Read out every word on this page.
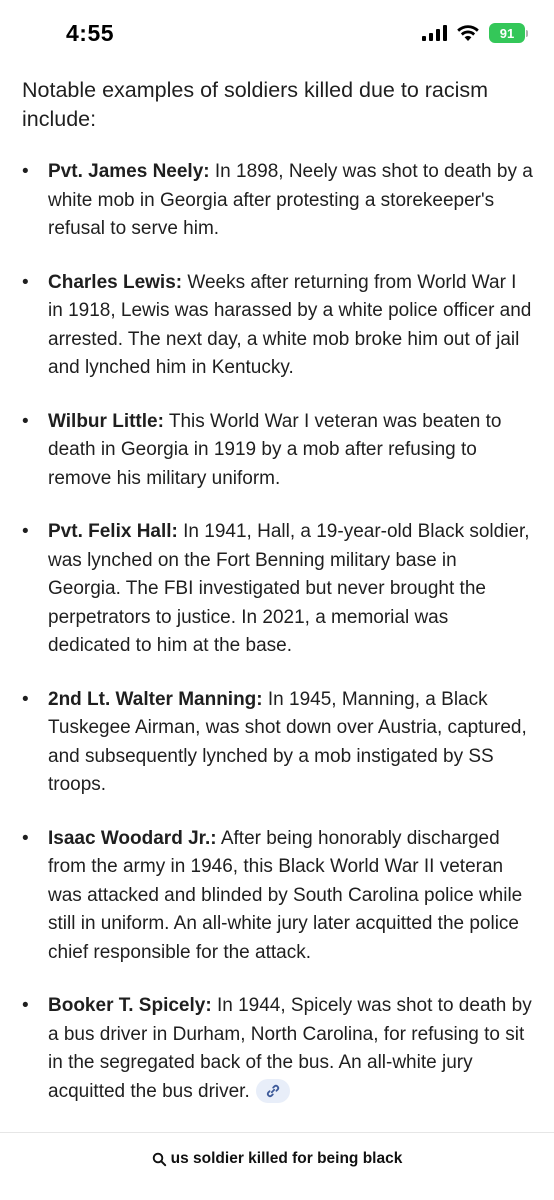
4:55	91

Notable examples of soldiers killed due to racism include:

• Pvt. James Neely: In 1898, Neely was shot to death by a white mob in Georgia after protesting a storekeeper's refusal to serve him.
• Charles Lewis: Weeks after returning from World War I in 1918, Lewis was harassed by a white police officer and arrested. The next day, a white mob broke him out of jail and lynched him in Kentucky.
• Wilbur Little: This World War I veteran was beaten to death in Georgia in 1919 by a mob after refusing to remove his military uniform.
• Pvt. Felix Hall: In 1941, Hall, a 19-year-old Black soldier, was lynched on the Fort Benning military base in Georgia. The FBI investigated but never brought the perpetrators to justice. In 2021, a memorial was dedicated to him at the base.
• 2nd Lt. Walter Manning: In 1945, Manning, a Black Tuskegee Airman, was shot down over Austria, captured, and subsequently lynched by a mob instigated by SS troops.
• Isaac Woodard Jr.: After being honorably discharged from the army in 1946, this Black World War II veteran was attacked and blinded by South Carolina police while still in uniform. An all-white jury later acquitted the police chief responsible for the attack.
• Booker T. Spicely: In 1944, Spicely was shot to death by a bus driver in Durham, North Carolina, for refusing to sit in the segregated back of the bus. An all-white jury acquitted the bus driver.
us soldier killed for being black
